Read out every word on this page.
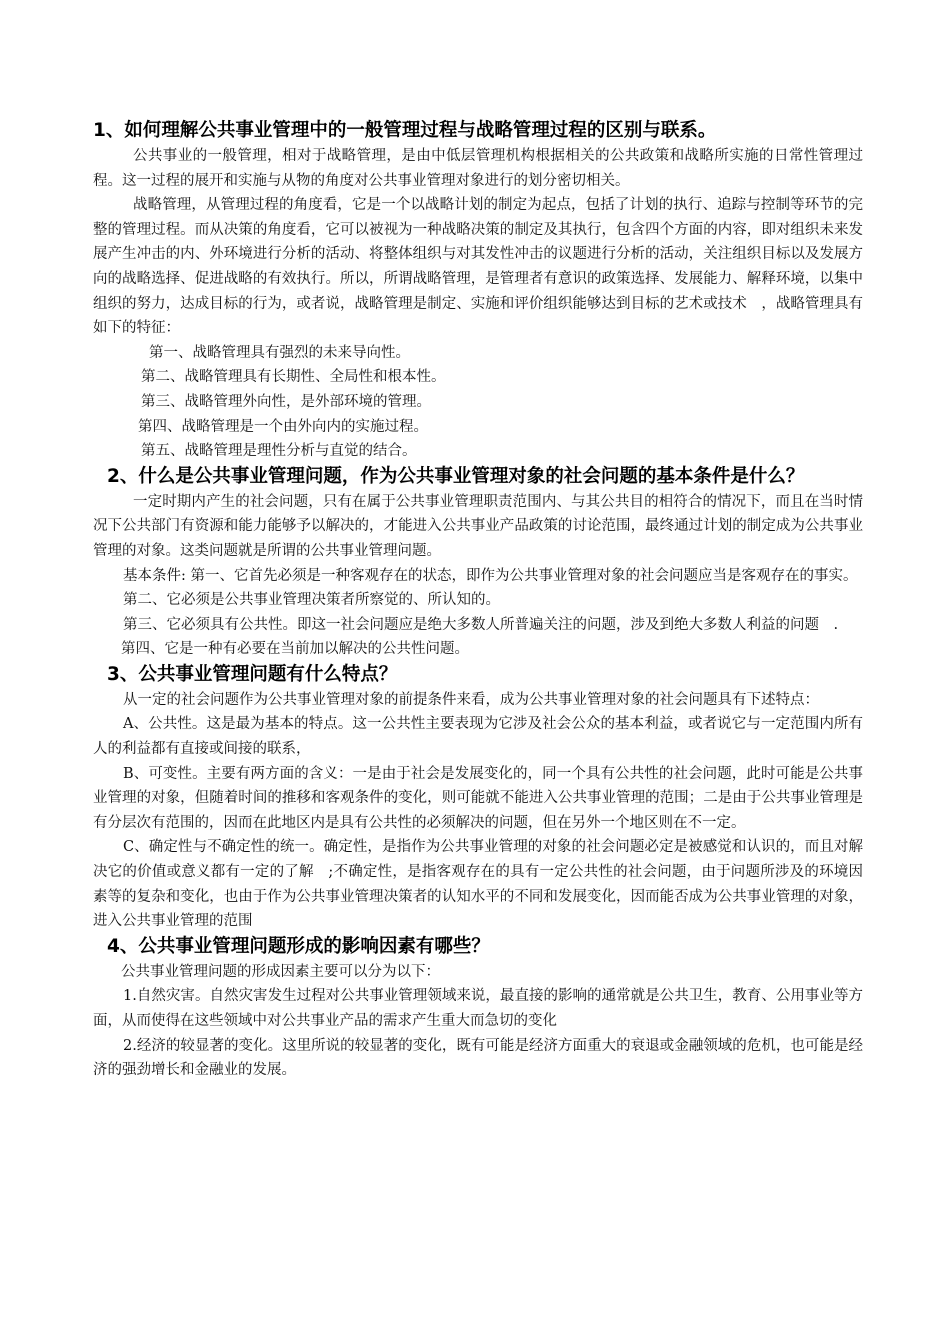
1、如何理解公共事业管理中的一般管理过程与战略管理过程的区别与联系。

公共事业的一般管理，相对于战略管理，是由中低层管理机构根据相关的公共政策和战略所实施的日常性管理过程。这一过程的展开和实施与从物的角度对公共事业管理对象进行的划分密切相关。

战略管理，从管理过程的角度看，它是一个以战略计划的制定为起点，包括了计划的执行、追踪与控制等环节的完整的管理过程。而从决策的角度看，它可以被视为一种战略决策的制定及其执行，包含四个方面的内容，即对组织未来发展产生冲击的内、外环境进行分析的活动、将整体组织与对其发性冲击的议题进行分析的活动，关注组织目标以及发展方向的战略选择、促进战略的有效执行。所以，所谓战略管理，是管理者有意识的政策选择、发展能力、解释环境，以集中组织的努力，达成目标的行为，或者说，战略管理是制定、实施和评价组织能够达到目标的艺术或技术　，战略管理具有如下的特征：

第一、战略管理具有强烈的未来导向性。

第二、战略管理具有长期性、全局性和根本性。

第三、战略管理外向性，是外部环境的管理。

第四、战略管理是一个由外向内的实施过程。

第五、战略管理是理性分析与直觉的结合。

2、什么是公共事业管理问题，作为公共事业管理对象的社会问题的基本条件是什么？

一定时期内产生的社会问题，只有在属于公共事业管理职责范围内、与其公共目的相符合的情况下，而且在当时情况下公共部门有资源和能力能够予以解决的，才能进入公共事业产品政策的讨论范围，最终通过计划的制定成为公共事业管理的对象。这类问题就是所谓的公共事业管理问题。

基本条件: 第一、它首先必须是一种客观存在的状态，即作为公共事业管理对象的社会问题应当是客观存在的事实。

第二、它必须是公共事业管理决策者所察觉的、所认知的。

第三、它必须具有公共性。即这一社会问题应是绝大多数人所普遍关注的问题，涉及到绝大多数人利益的问题　.

第四、它是一种有必要在当前加以解决的公共性问题。

3、公共事业管理问题有什么特点？

从一定的社会问题作为公共事业管理对象的前提条件来看，成为公共事业管理对象的社会问题具有下述特点：

A、公共性。这是最为基本的特点。这一公共性主要表现为它涉及社会公众的基本利益，或者说它与一定范围内所有人的利益都有直接或间接的联系，

B、可变性。主要有两方面的含义：一是由于社会是发展变化的，同一个具有公共性的社会问题，此时可能是公共事业管理的对象，但随着时间的推移和客观条件的变化，则可能就不能进入公共事业管理的范围；二是由于公共事业管理是有分层次有范围的，因而在此地区内是具有公共性的必须解决的问题，但在另外一个地区则在不一定。

C、确定性与不确定性的统一。确定性，是指作为公共事业管理的对象的社会问题必定是被感觉和认识的，而且对解决它的价值或意义都有一定的了解　;不确定性，是指客观存在的具有一定公共性的社会问题，由于问题所涉及的环境因素等的复杂和变化，也由于作为公共事业管理决策者的认知水平的不同和发展变化，因而能否成为公共事业管理的对象，进入公共事业管理的范围

4、公共事业管理问题形成的影响因素有哪些？

公共事业管理问题的形成因素主要可以分为以下：

1.自然灾害。自然灾害发生过程对公共事业管理领域来说，最直接的影响的通常就是公共卫生，教育、公用事业等方面，从而使得在这些领域中对公共事业产品的需求产生重大而急切的变化

2.经济的较显著的变化。这里所说的较显著的变化，既有可能是经济方面重大的衰退或金融领域的危机，也可能是经济的强劲增长和金融业的发展。
